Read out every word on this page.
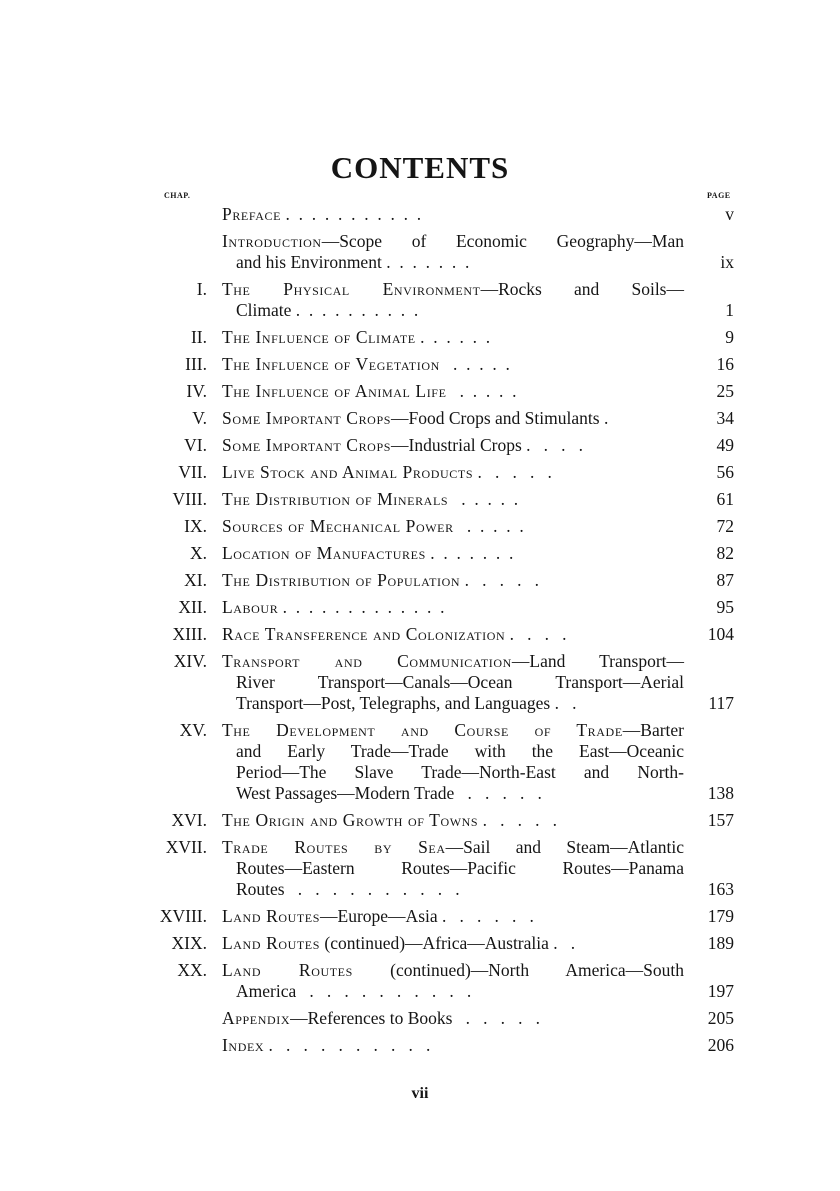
CONTENTS
CHAP.	PAGE
Preface .  .  .  .  .  .  .  .  .  .  .	v
Introduction—Scope of Economic Geography—Man
and his Environment .  .  .  .  .  .  .	ix
I. The Physical Environment—Rocks and Soils—
Climate .  .  .  .  .  .  .  .  .  .	1
II. The Influence of Climate .  .  .  .  .  .	9
III. The Influence of Vegetation   .  .  .  .  .	16
IV. The Influence of Animal Life   .  .  .  .  .	25
V. Some Important Crops—Food Crops and Stimulants .	34
VI. Some Important Crops—Industrial Crops .   .   .   .	49
VII. Live Stock and Animal Products .   .   .   .   .	56
VIII. The Distribution of Minerals   .  .  .  .  .	61
IX. Sources of Mechanical Power   .  .  .  .  .	72
X. Location of Manufactures .  .  .  .  .  .  .	82
XI. The Distribution of Population .   .   .   .   .	87
XII. Labour .  .  .  .  .  .  .  .  .  .  .  .  .	95
XIII. Race Transference and Colonization .   .   .   .	104
XIV. Transport and Communication—Land Transport—
River Transport—Canals—Ocean Transport—Aerial
Transport—Post, Telegraphs, and Languages .   .	117
XV. The Development and Course of Trade—Barter
and Early Trade—Trade with the East—Oceanic
Period—The Slave Trade—North-East and North-
West Passages—Modern Trade   .   .   .   .   .	138
XVI. The Origin and Growth of Towns .   .   .   .   .	157
XVII. Trade Routes by Sea—Sail and Steam—Atlantic
Routes—Eastern Routes—Pacific Routes—Panama
Routes   .   .   .   .   .   .   .   .   .   .	163
XVIII. Land Routes—Europe—Asia .   .   .   .   .   .	179
XIX. Land Routes (continued)—Africa—Australia .   .	189
XX. Land Routes (continued)—North America—South
America   .   .   .   .   .   .   .   .   .   .	197
Appendix—References to Books   .   .   .   .   .	205
Index .   .   .   .   .   .   .   .   .   .	206
vii
